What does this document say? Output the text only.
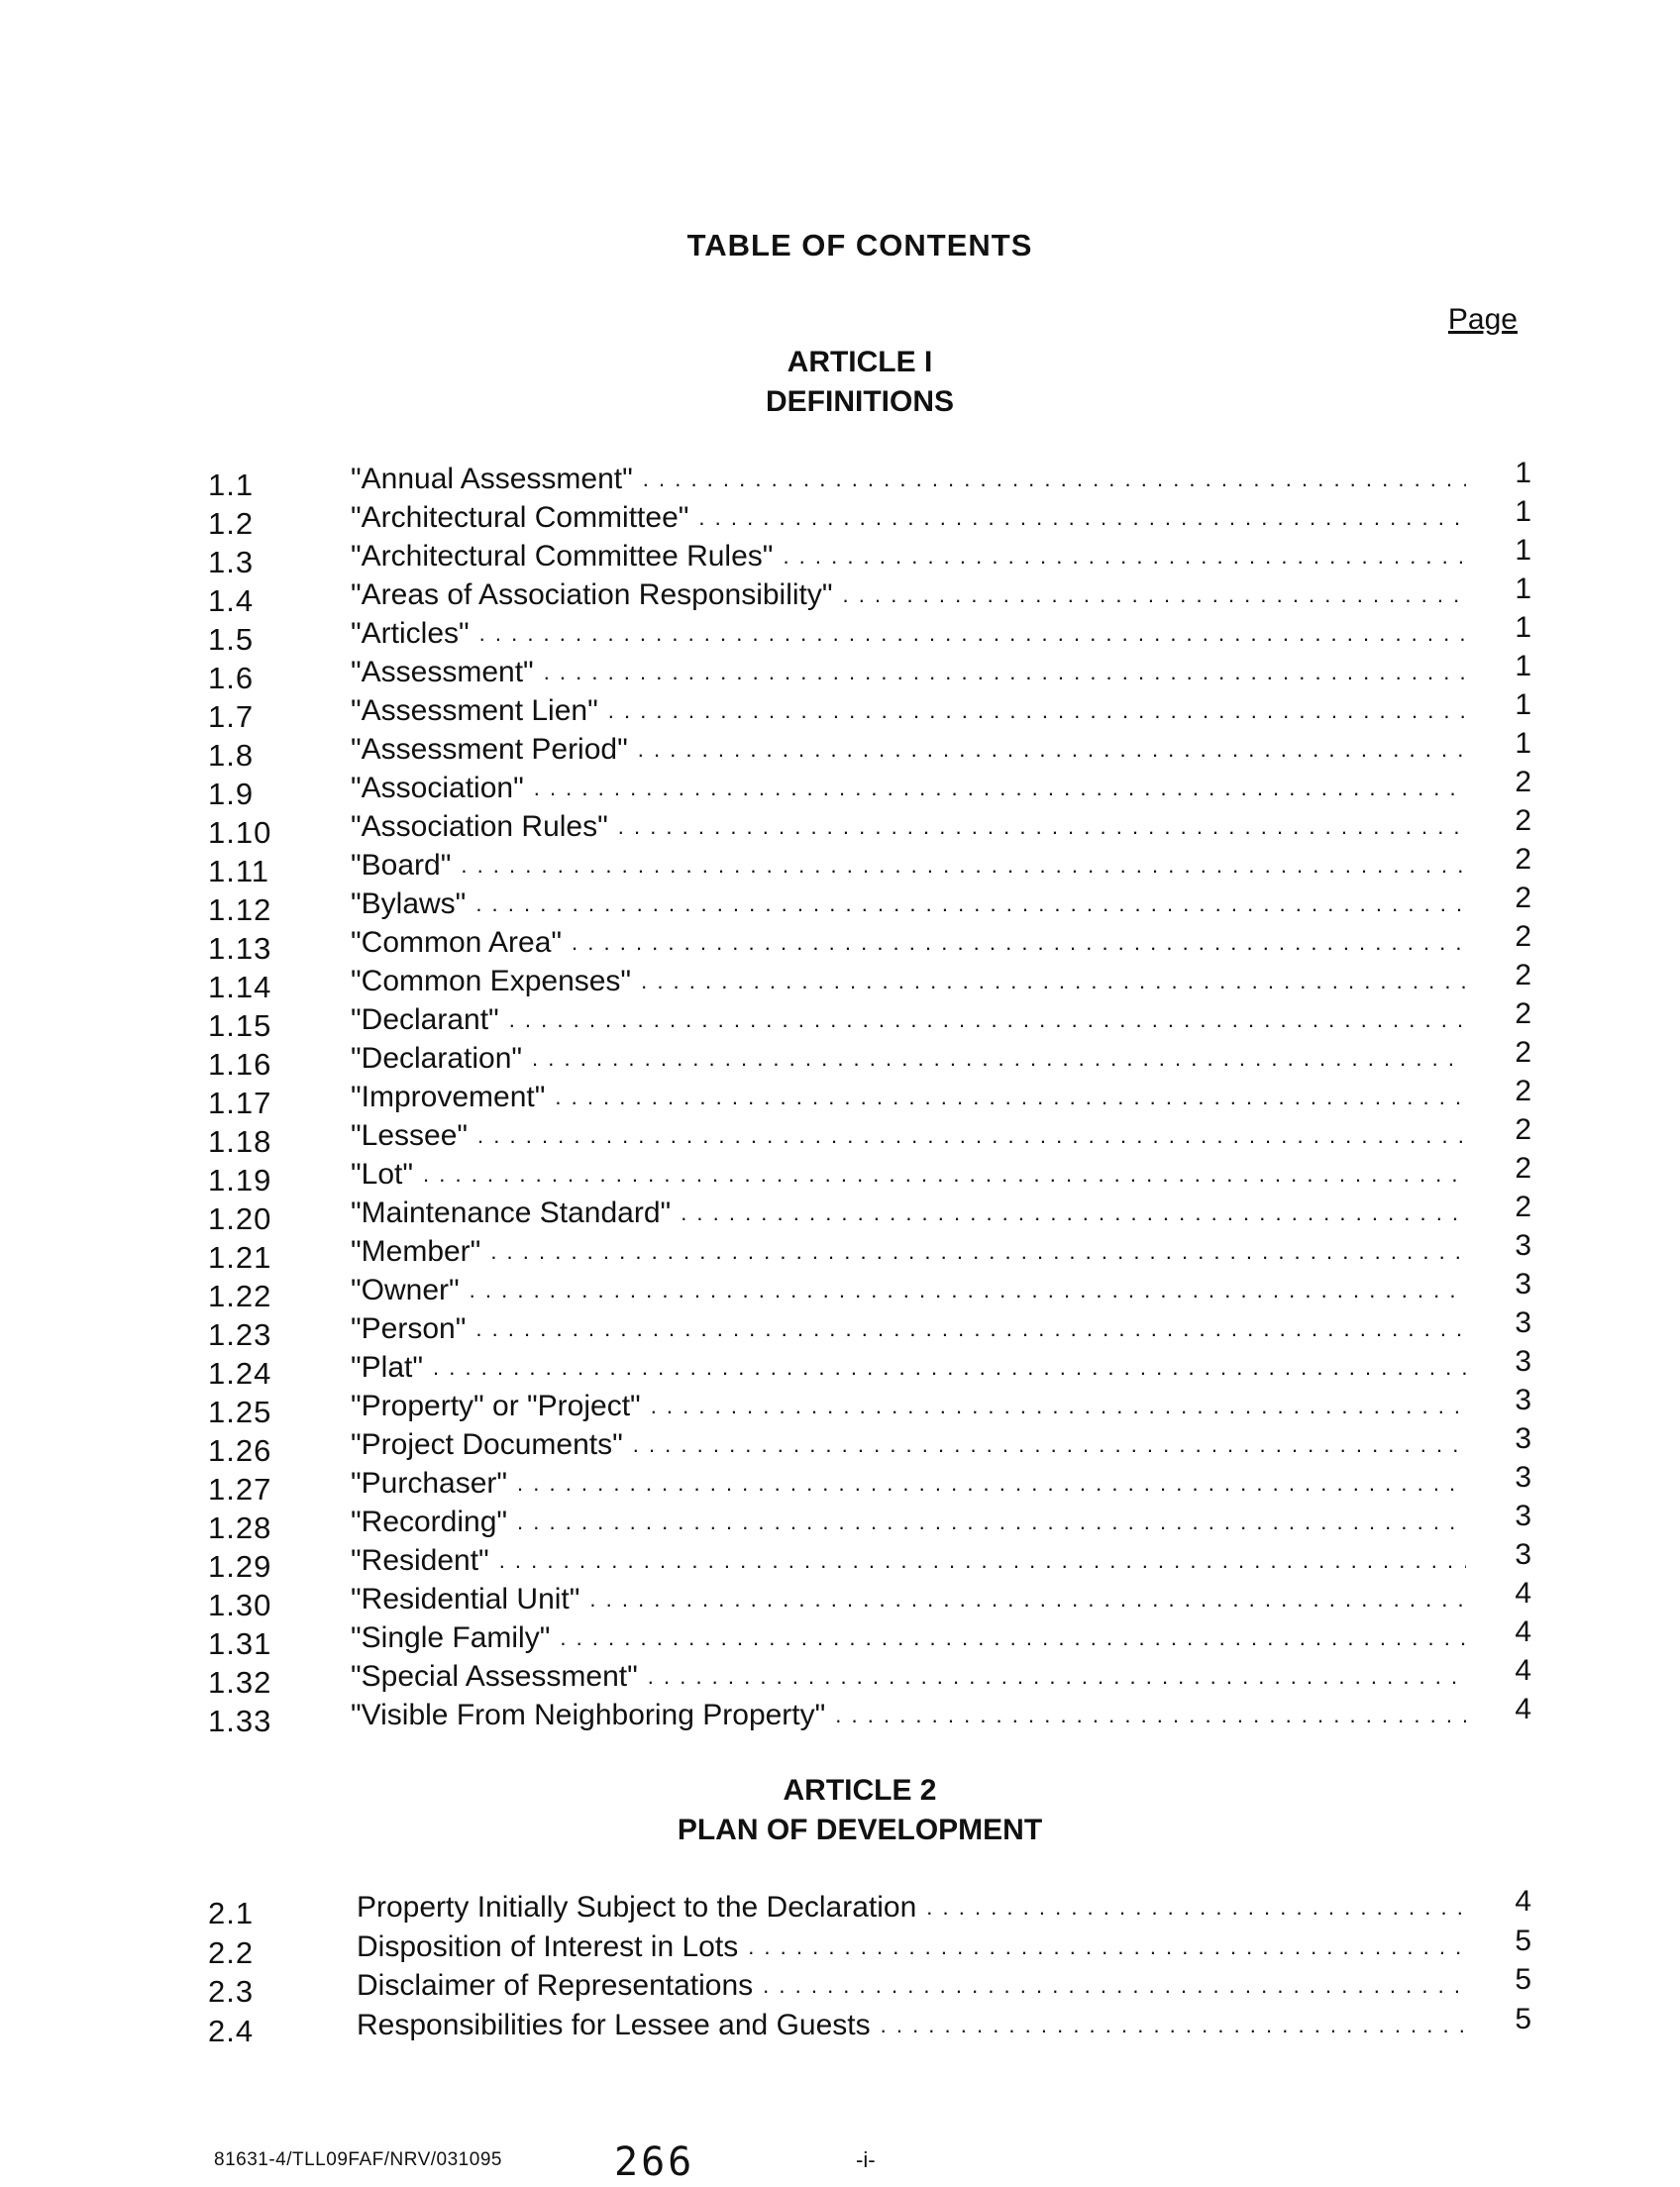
TABLE OF CONTENTS
Page
ARTICLE I
DEFINITIONS
1.1	"Annual Assessment" . . .	1
1.2	"Architectural Committee" . . .	1
1.3	"Architectural Committee Rules" . . .	1
1.4	"Areas of Association Responsibility" . . .	1
1.5	"Articles" . . .	1
1.6	"Assessment" . . .	1
1.7	"Assessment Lien" . . .	1
1.8	"Assessment Period" . . .	1
1.9	"Association" . . .	2
1.10	"Association Rules" . . .	2
1.11	"Board" . . .	2
1.12	"Bylaws" . . .	2
1.13	"Common Area" . . .	2
1.14	"Common Expenses" . . .	2
1.15	"Declarant" . . .	2
1.16	"Declaration" . . .	2
1.17	"Improvement" . . .	2
1.18	"Lessee" . . .	2
1.19	"Lot" . . .	2
1.20	"Maintenance Standard" . . .	2
1.21	"Member" . . .	3
1.22	"Owner" . . .	3
1.23	"Person" . . .	3
1.24	"Plat" . . .	3
1.25	"Property" or "Project" . . .	3
1.26	"Project Documents" . . .	3
1.27	"Purchaser" . . .	3
1.28	"Recording" . . .	3
1.29	"Resident" . . .	3
1.30	"Residential Unit" . . .	4
1.31	"Single Family" . . .	4
1.32	"Special Assessment" . . .	4
1.33	"Visible From Neighboring Property" . . .	4
ARTICLE 2
PLAN OF DEVELOPMENT
2.1	Property Initially Subject to the Declaration . . .	4
2.2	Disposition of Interest in Lots . . .	5
2.3	Disclaimer of Representations . . .	5
2.4	Responsibilities for Lessee and Guests . . .	5
81631-4/TLL09FAF/NRV/031095	266	-i-
